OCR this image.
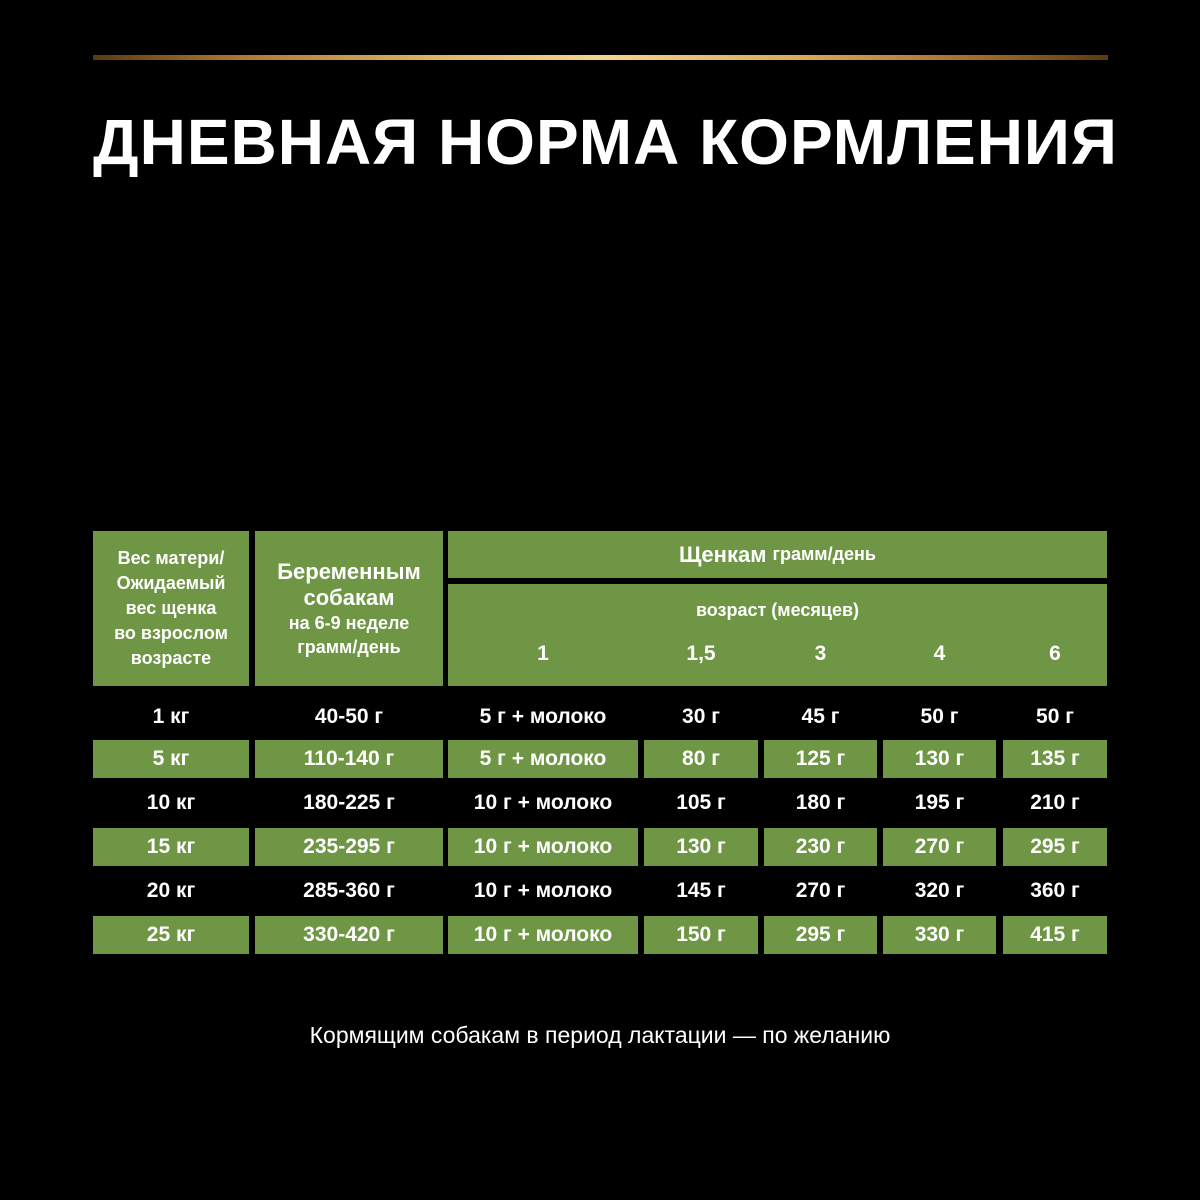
ДНЕВНАЯ НОРМА КОРМЛЕНИЯ
Вес матери/
Ожидаемый
вес щенка
во взрослом
возрасте
Беременным
собакам
на 6-9 неделе
грамм/день
Щенкам грамм/день
возраст (месяцев)
1	1,5	3	4	6
1 кг	40-50 г	5 г + молоко	30 г	45 г	50 г	50 г
5 кг	110-140 г	5 г + молоко	80 г	125 г	130 г	135 г
10 кг	180-225 г	10 г + молоко	105 г	180 г	195 г	210 г
15 кг	235-295 г	10 г + молоко	130 г	230 г	270 г	295 г
20 кг	285-360 г	10 г + молоко	145 г	270 г	320 г	360 г
25 кг	330-420 г	10 г + молоко	150 г	295 г	330 г	415 г
Кормящим собакам в период лактации — по желанию
